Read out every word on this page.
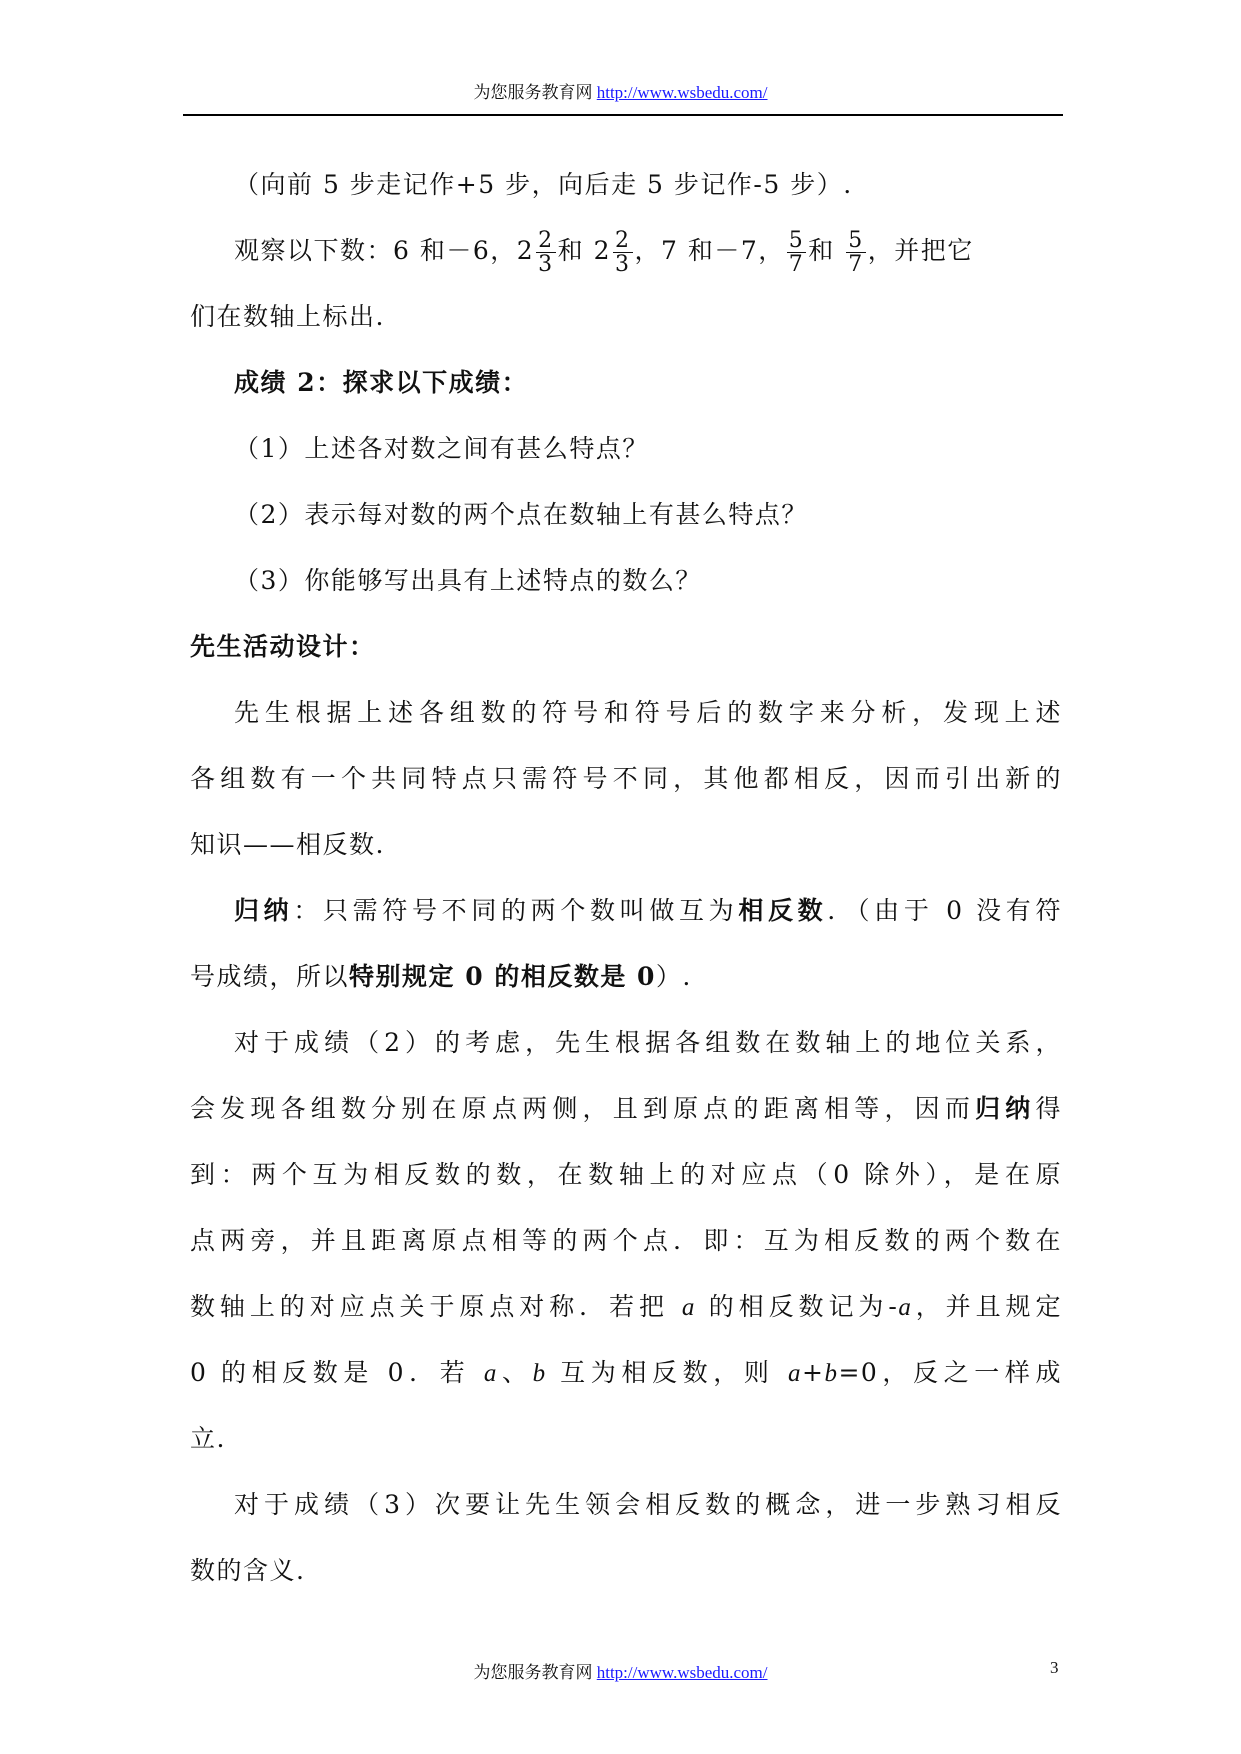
为您服务教育网 http://www.wsbedu.com/
（向前 5 步走记作+5 步，向后走 5 步记作-5 步）.
观察以下数：6 和－6，$2 \frac{2}{3}$ 和 $2 \frac{2}{3}$ ，7 和－7， $\frac{5}{7}$ 和 $\frac{5}{7}$ ，并把它
们在数轴上标出.
成绩 2：探求以下成绩：
（1）上述各对数之间有甚么特点？
（2）表示每对数的两个点在数轴上有甚么特点？
（3）你能够写出具有上述特点的数么？
先生活动设计：
先生根据上述各组数的符号和符号后的数字来分析，发现上述
各组数有一个共同特点只需符号不同，其他都相反，因而引出新的
知识——相反数.
归纳：只需符号不同的两个数叫做互为相反数．（由于 0 没有符
号成绩，所以特别规定 0 的相反数是 0）.
对于成绩（2）的考虑，先生根据各组数在数轴上的地位关系，
会发现各组数分别在原点两侧，且到原点的距离相等，因而归纳得
到：两个互为相反数的数，在数轴上的对应点（0 除外），是在原
点两旁，并且距离原点相等的两个点．即：互为相反数的两个数在
数轴上的对应点关于原点对称．若把 a 的相反数记为-a，并且规定
0 的相反数是 0．若 a、b 互为相反数，则 a+b=0，反之一样成
立.
对于成绩（3）次要让先生领会相反数的概念，进一步熟习相反
数的含义.
为您服务教育网 http://www.wsbedu.com/	3
